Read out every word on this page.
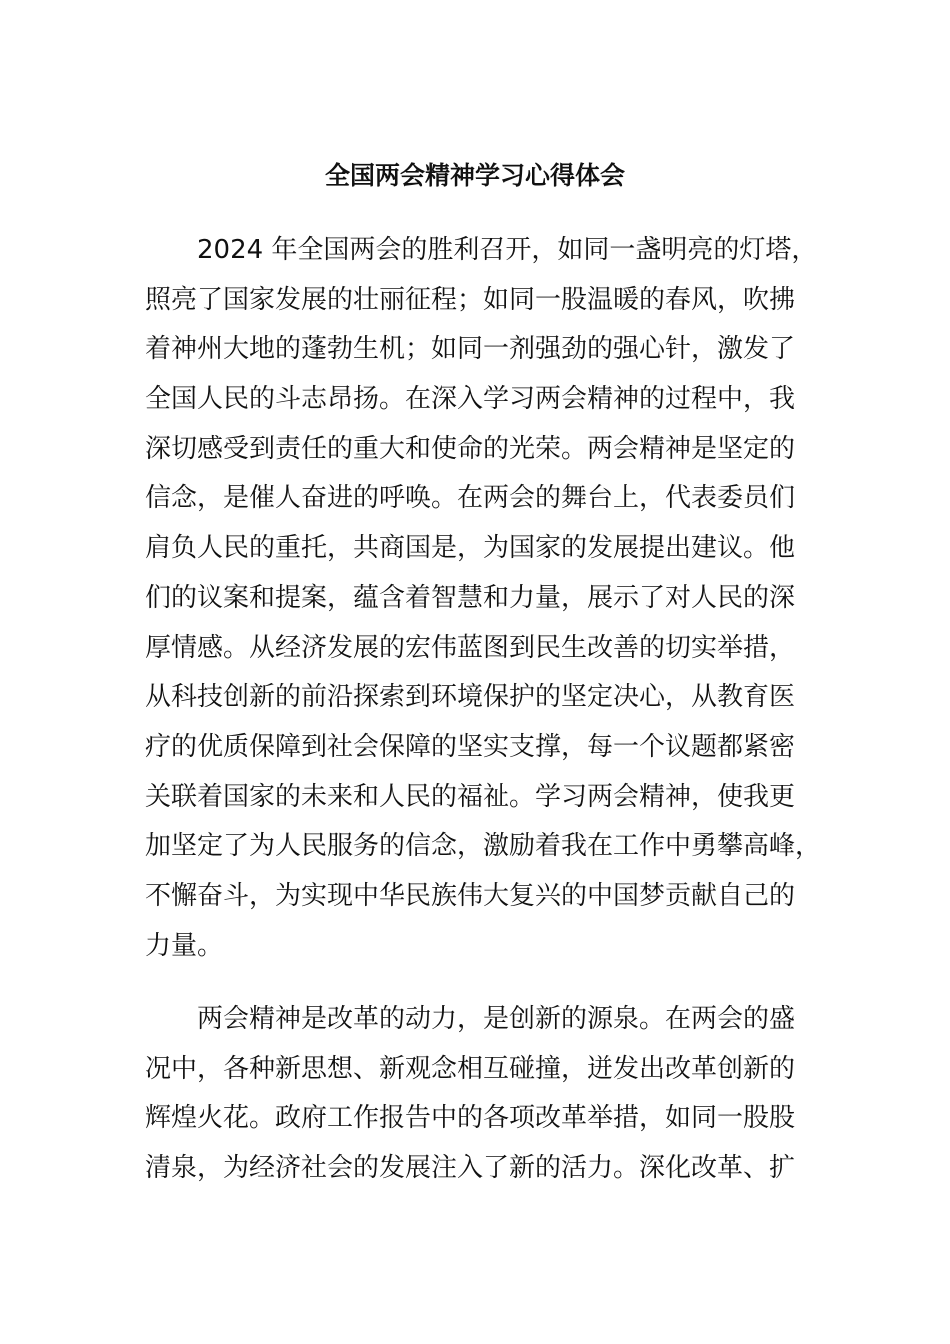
全国两会精神学习心得体会
2024 年全国两会的胜利召开，如同一盏明亮的灯塔，
照亮了国家发展的壮丽征程；如同一股温暖的春风，吹拂
着神州大地的蓬勃生机；如同一剂强劲的强心针，激发了
全国人民的斗志昂扬。在深入学习两会精神的过程中，我
深切感受到责任的重大和使命的光荣。两会精神是坚定的
信念，是催人奋进的呼唤。在两会的舞台上，代表委员们
肩负人民的重托，共商国是，为国家的发展提出建议。他
们的议案和提案，蕴含着智慧和力量，展示了对人民的深
厚情感。从经济发展的宏伟蓝图到民生改善的切实举措，
从科技创新的前沿探索到环境保护的坚定决心，从教育医
疗的优质保障到社会保障的坚实支撑，每一个议题都紧密
关联着国家的未来和人民的福祉。学习两会精神，使我更
加坚定了为人民服务的信念，激励着我在工作中勇攀高峰，
不懈奋斗，为实现中华民族伟大复兴的中国梦贡献自己的
力量。
两会精神是改革的动力，是创新的源泉。在两会的盛
况中，各种新思想、新观念相互碰撞，迸发出改革创新的
辉煌火花。政府工作报告中的各项改革举措，如同一股股
清泉，为经济社会的发展注入了新的活力。深化改革、扩
